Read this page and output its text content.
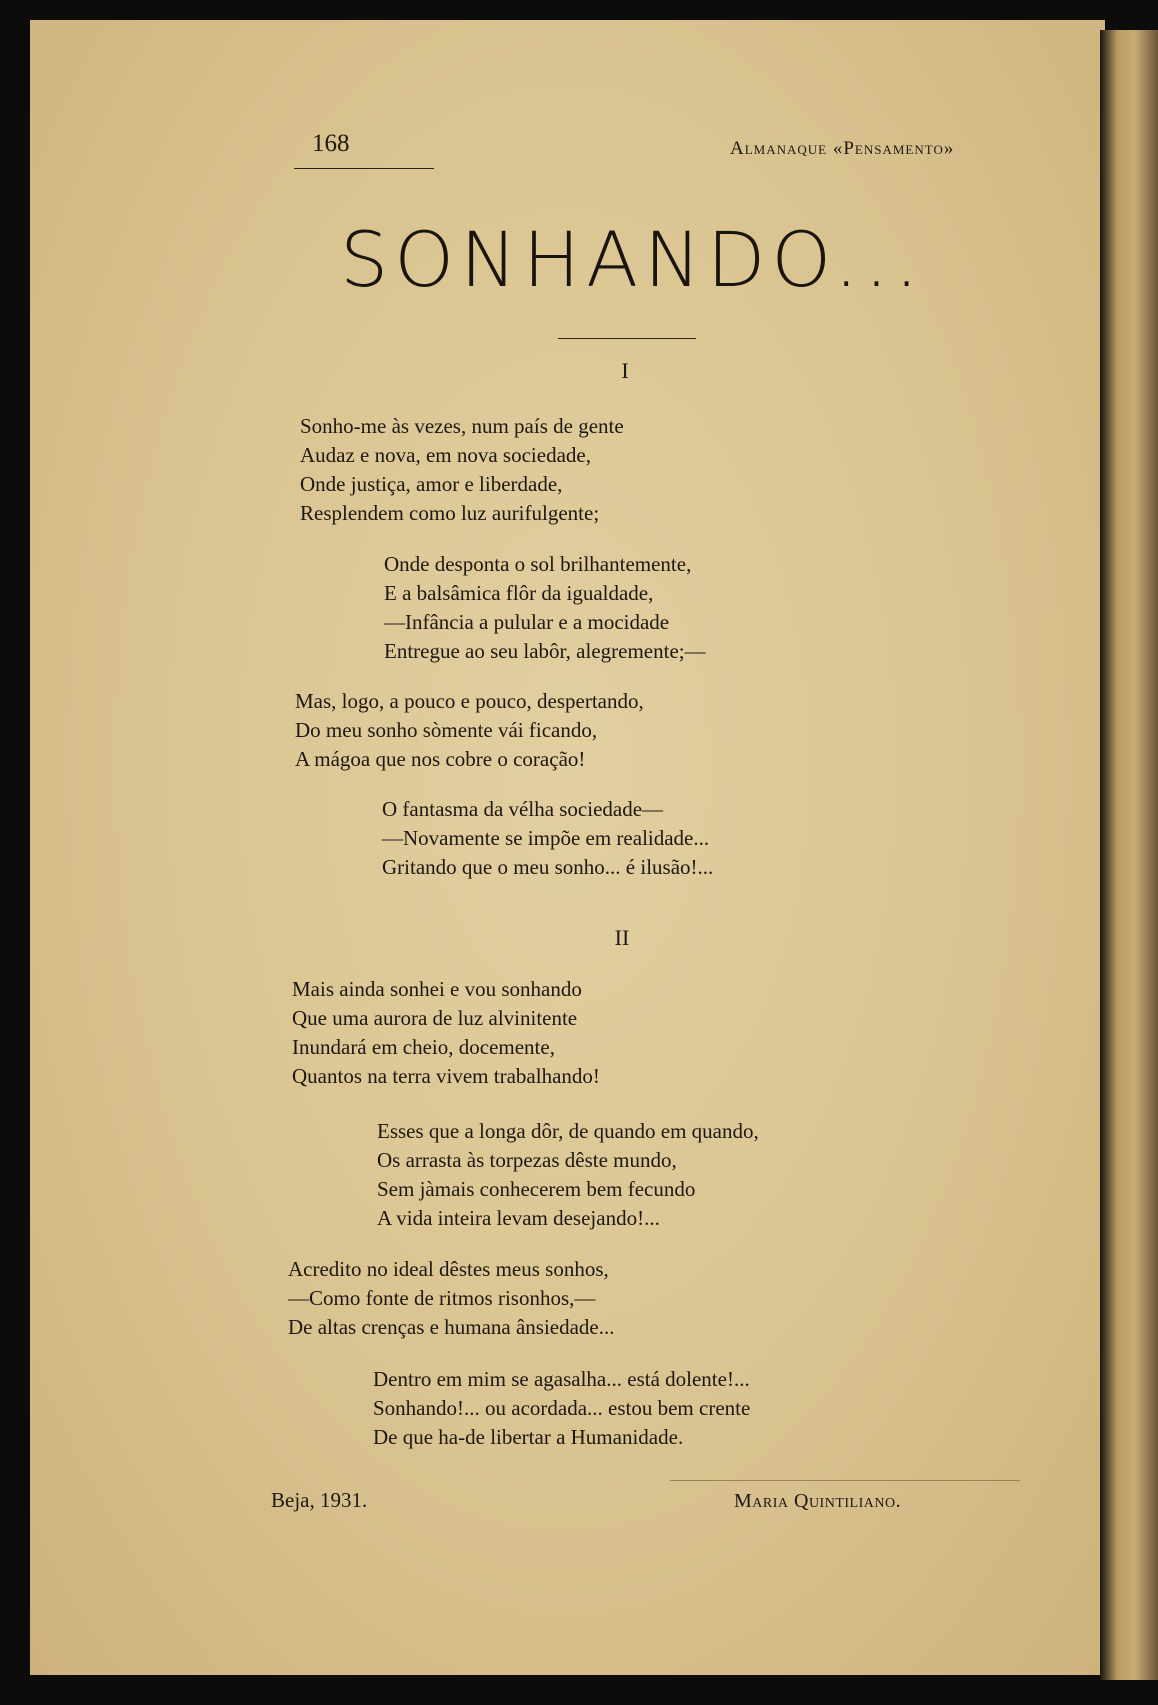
168	Almanaque «Pensamento»
SONHANDO...
I
Sonho-me às vezes, num país de gente
Audaz e nova, em nova sociedade,
Onde justiça, amor e liberdade,
Resplendem como luz aurifulgente;
Onde desponta o sol brilhantemente,
E a balsâmica flôr da igualdade,
—Infância a pulular e a mocidade
Entregue ao seu labôr, alegremente;—
Mas, logo, a pouco e pouco, despertando,
Do meu sonho sòmente vái ficando,
A mágoa que nos cobre o coração!
O fantasma da vélha sociedade—
—Novamente se impõe em realidade...
Gritando que o meu sonho... é ilusão!...
II
Mais ainda sonhei e vou sonhando
Que uma aurora de luz alvinitente
Inundará em cheio, docemente,
Quantos na terra vivem trabalhando!
Esses que a longa dôr, de quando em quando,
Os arrasta às torpezas dêste mundo,
Sem jàmais conhecerem bem fecundo
A vida inteira levam desejando!...
Acredito no ideal dêstes meus sonhos,
—Como fonte de ritmos risonhos,—
De altas crenças e humana ânsiedade...
Dentro em mim se agasalha... está dolente!...
Sonhando!... ou acordada... estou bem crente
De que ha-de libertar a Humanidade.
Beja, 1931.	Maria Quintiliano.
